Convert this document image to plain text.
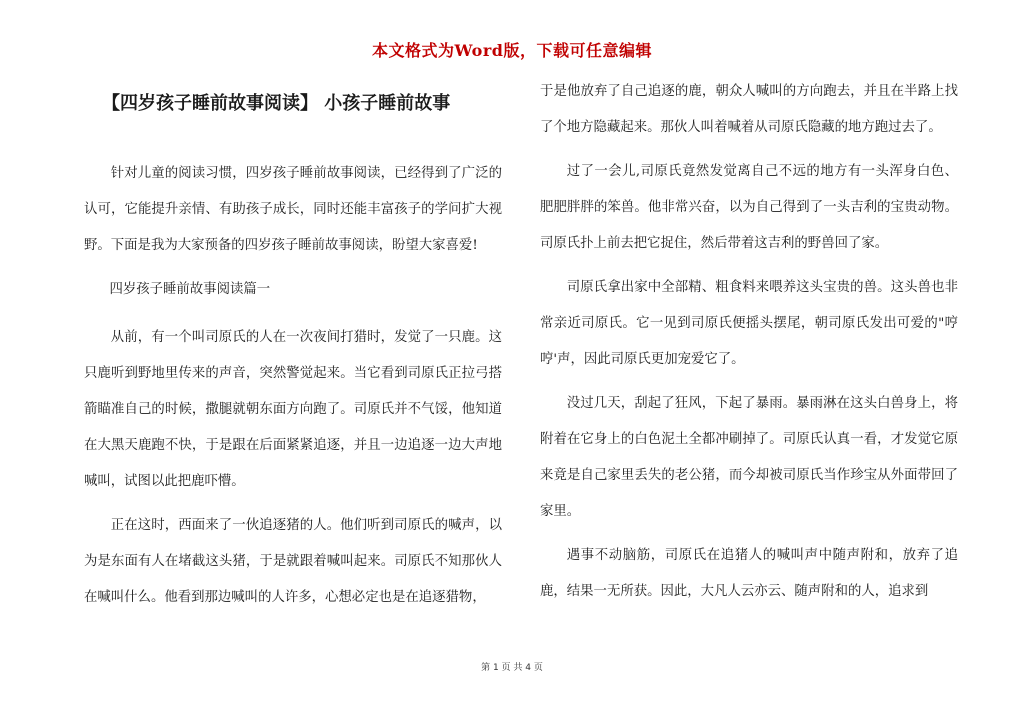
本文格式为Word版，下载可任意编辑
【四岁孩子睡前故事阅读】 小孩子睡前故事

针对儿童的阅读习惯，四岁孩子睡前故事阅读，已经得到了广泛的认可，它能提升亲情、有助孩子成长，同时还能丰富孩子的学问扩大视野。下面是我为大家预备的四岁孩子睡前故事阅读，盼望大家喜爱!

四岁孩子睡前故事阅读篇一

从前，有一个叫司原氏的人在一次夜间打猎时，发觉了一只鹿。这只鹿听到野地里传来的声音，突然警觉起来。当它看到司原氏正拉弓搭箭瞄准自己的时候，撒腿就朝东面方向跑了。司原氏并不气馁，他知道在大黑天鹿跑不快，于是跟在后面紧紧追逐，并且一边追逐一边大声地喊叫，试图以此把鹿吓懵。

正在这时，西面来了一伙追逐猪的人。他们听到司原氏的喊声，以为是东面有人在堵截这头猪，于是就跟着喊叫起来。司原氏不知那伙人在喊叫什么。他看到那边喊叫的人许多，心想必定也是在追逐猎物，

于是他放弃了自己追逐的鹿，朝众人喊叫的方向跑去，并且在半路上找了个地方隐藏起来。那伙人叫着喊着从司原氏隐藏的地方跑过去了。

过了一会儿,司原氏竟然发觉离自己不远的地方有一头浑身白色、肥肥胖胖的笨兽。他非常兴奋，以为自己得到了一头吉利的宝贵动物。司原氏扑上前去把它捉住，然后带着这吉利的野兽回了家。

司原氏拿出家中全部精、粗食料来喂养这头宝贵的兽。这头兽也非常亲近司原氏。它一见到司原氏便摇头摆尾，朝司原氏发出可爱的"哼哼'声，因此司原氏更加宠爱它了。

没过几天，刮起了狂风，下起了暴雨。暴雨淋在这头白兽身上，将附着在它身上的白色泥土全都冲刷掉了。司原氏认真一看，才发觉它原来竟是自己家里丢失的老公猪，而今却被司原氏当作珍宝从外面带回了家里。

遇事不动脑筋，司原氏在追猪人的喊叫声中随声附和，放弃了追鹿，结果一无所获。因此，大凡人云亦云、随声附和的人，追求到

第 1 页 共 4 页
